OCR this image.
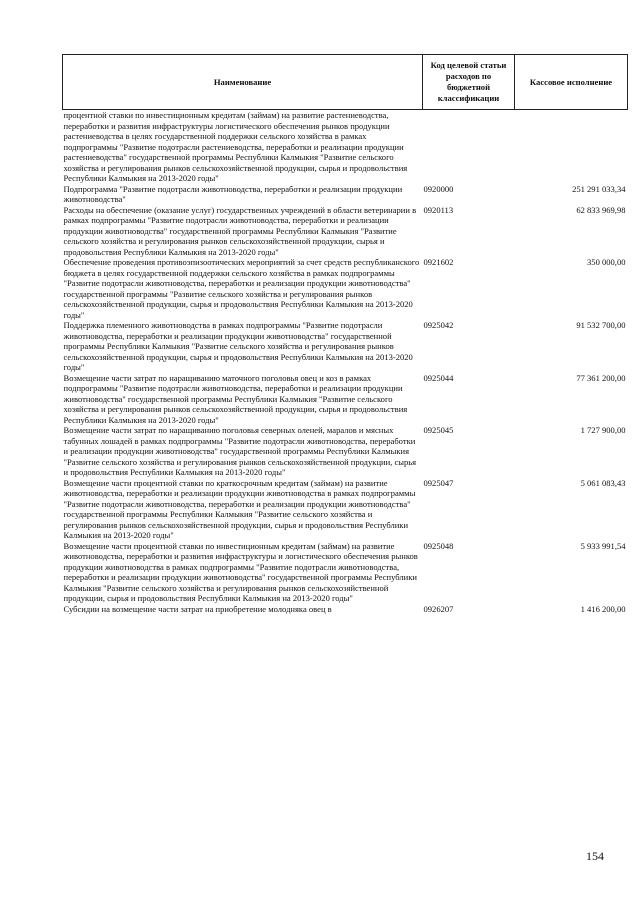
Наименование	Код целевой статьи расходов по бюджетной классификации	Кассовое исполнение
процентной ставки по инвестиционным кредитам (займам) на развитие растениеводства, переработки и развития инфраструктуры логистического обеспечения рынков продукции растениеводства в целях государственной поддержки сельского хозяйства в рамках подпрограммы "Развитие подотрасли растениеводства, переработки и реализации продукции растениеводства" государственной программы Республики Калмыкия "Развитие сельского хозяйства и регулирования рынков сельскохозяйственной продукции, сырья и продовольствия Республики Калмыкия на 2013-2020 годы"		
Подпрограмма "Развитие подотрасли животноводства, переработки и реализации продукции животноводства"	0920000	251 291 033,34
Расходы на обеспечение (оказание услуг) государственных учреждений в области ветеринарии в рамках подпрограммы "Развитие подотрасли животноводства, переработки и реализации продукции животноводства" государственной программы Республики Калмыкия "Развитие сельского хозяйства и регулирования рынков сельскохозяйственной продукции, сырья и продовольствия Республики Калмыкия на 2013-2020 годы"	0920113	62 833 969,98
Обеспечение проведения противоэпизоотических мероприятий за счет средств республиканского бюджета в целях государственной поддержки сельского хозяйства в рамках подпрограммы "Развитие подотрасли животноводства, переработки и реализации продукции животноводства" государственной программы "Развитие сельского хозяйства и регулирования рынков сельскохозяйственной продукции, сырья и продовольствия Республики Калмыкия на 2013-2020 годы"	0921602	350 000,00
Поддержка племенного животноводства в рамках подпрограммы "Развитие подотрасли животноводства, переработки и реализации продукции животноводства" государственной программы Республики Калмыкия "Развитие сельского хозяйства и регулирования рынков сельскохозяйственной продукции, сырья и продовольствия Республики Калмыкия на 2013-2020 годы"	0925042	91 532 700,00
Возмещение части затрат по наращиванию маточного поголовья овец и коз в рамках подпрограммы "Развитие подотрасли животноводства, переработки и реализации продукции животноводства" государственной программы Республики Калмыкия "Развитие сельского хозяйства и регулирования рынков сельскохозяйственной продукции, сырья и продовольствия Республики Калмыкия на 2013-2020 годы"	0925044	77 361 200,00
Возмещение части затрат по наращиванию поголовья северных оленей, маралов и мясных табунных лошадей в рамках подпрограммы "Развитие подотрасли животноводства, переработки и реализации продукции животноводства" государственной программы Республики Калмыкия "Развитие сельского хозяйства и регулирования рынков сельскохозяйственной продукции, сырья и продовольствия Республики Калмыкия на 2013-2020 годы"	0925045	1 727 900,00
Возмещение части процентной ставки по краткосрочным кредитам (займам) на развитие животноводства, переработки и реализации продукции животноводства в рамках подпрограммы "Развитие подотрасли животноводства, переработки и реализации продукции животноводства" государственной программы Республики Калмыкия "Развитие сельского хозяйства и регулирования рынков сельскохозяйственной продукции, сырья и продовольствия Республики Калмыкия на 2013-2020 годы"	0925047	5 061 083,43
Возмещение части процентной ставки по инвестиционным кредитам (займам) на развитие животноводства, переработки и развития инфраструктуры и логистического обеспечения рынков продукции животноводства в рамках подпрограммы "Развитие подотрасли животноводства, переработки и реализации продукции животноводства" государственной программы Республики Калмыкия "Развитие сельского хозяйства и регулирования рынков сельскохозяйственной продукции, сырья и продовольствия Республики Калмыкия на 2013-2020 годы"	0925048	5 933 991,54
Субсидии на возмещение части затрат на приобретение молодняка овец в	0926207	1 416 200,00
154
